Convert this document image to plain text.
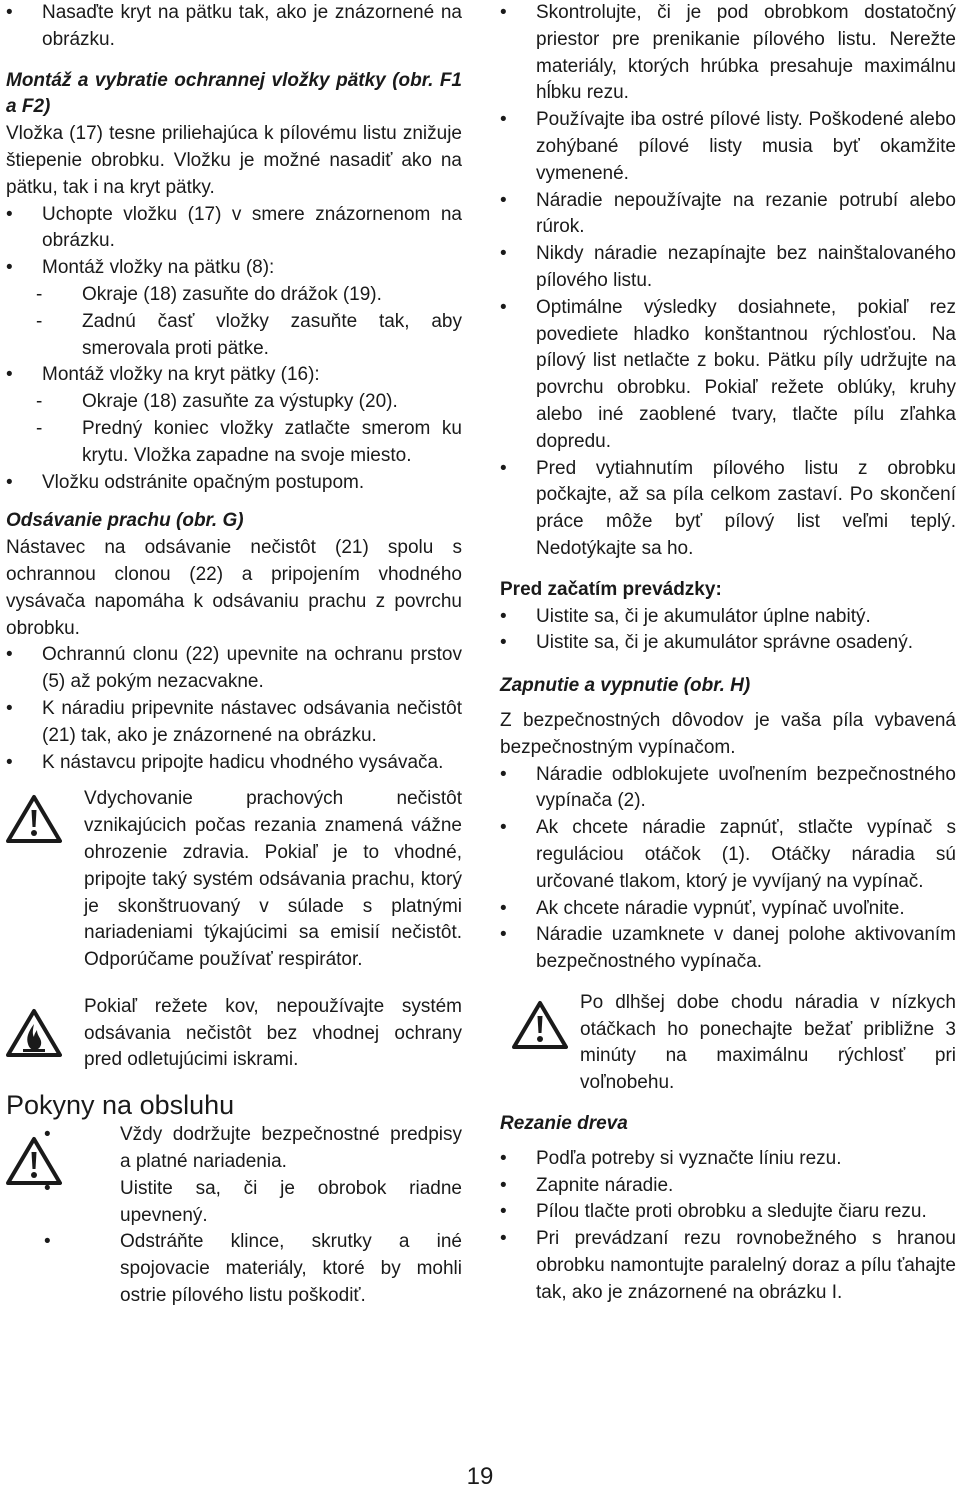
• Nasaďte kryt na pätku tak, ako je znázornené na obrázku.

Montáž a vybratie ochrannej vložky pätky (obr. F1 a F2)

Vložka (17) tesne priliehajúca k pílovému listu znižuje štiepenie obrobku. Vložku je možné nasadiť ako na pätku, tak i na kryt pätky.

• Uchopte vložku (17) v smere znázornenom na obrázku.
• Montáž vložky na pätku (8):
- Okraje (18) zasuňte do drážok (19).
- Zadnú časť vložky zasuňte tak, aby smerovala proti pätke.
• Montáž vložky na kryt pätky (16):
- Okraje (18) zasuňte za výstupky (20).
- Predný koniec vložky zatlačte smerom ku krytu. Vložka zapadne na svoje miesto.
• Vložku odstránite opačným postupom.

Odsávanie prachu (obr. G)

Nástavec na odsávanie nečistôt (21) spolu s ochrannou clonou (22) a pripojením vhodného vysávača napomáha k odsávaniu prachu z povrchu obrobku.

• Ochrannú clonu (22) upevnite na ochranu prstov (5) až pokým nezacvakne.
• K náradiu pripevnite nástavec odsávania nečistôt (21) tak, ako je znázornené na obrázku.
• K nástavcu pripojte hadicu vhodného vysávača.

Vdychovanie prachových nečistôt vznikajúcich počas rezania znamená vážne ohrozenie zdravia. Pokiaľ je to vhodné, pripojte taký systém odsávania prachu, ktorý je skonštruovaný v súlade s platnými nariadeniami týkajúcimi sa emisií nečistôt. Odporúčame používať respirátor.

Pokiaľ režete kov, nepoužívajte systém odsávania nečistôt bez vhodnej ochrany pred odletujúcimi iskrami.

Pokyny na obsluhu

• Vždy dodržujte bezpečnostné predpisy a platné nariadenia.
• Uistite sa, či je obrobok riadne upevnený.
• Odstráňte klince, skrutky a iné spojovacie materiály, ktoré by mohli ostrie pílového listu poškodiť.
• Skontrolujte, či je pod obrobkom dostatočný priestor pre prenikanie pílového listu. Nerežte materiály, ktorých hrúbka presahuje maximálnu hĺbku rezu.
• Používajte iba ostré pílové listy. Poškodené alebo zohýbané pílové listy musia byť okamžite vymenené.
• Náradie nepoužívajte na rezanie potrubí alebo rúrok.
• Nikdy náradie nezapínajte bez nainštalovaného pílového listu.
• Optimálne výsledky dosiahnete, pokiaľ rez povediete hladko konštantnou rýchlosťou. Na pílový list netlačte z boku. Pätku píly udržujte na povrchu obrobku. Pokiaľ režete oblúky, kruhy alebo iné zaoblené tvary, tlačte pílu zľahka dopredu.
• Pred vytiahnutím pílového listu z obrobku počkajte, až sa píla celkom zastaví. Po skončení práce môže byť pílový list veľmi teplý. Nedotýkajte sa ho.

Pred začatím prevádzky:

• Uistite sa, či je akumulátor úplne nabitý.
• Uistite sa, či je akumulátor správne osadený.

Zapnutie a vypnutie (obr. H)

Z bezpečnostných dôvodov je vaša píla vybavená bezpečnostným vypínačom.

• Náradie odblokujete uvoľnením bezpečnostného vypínača (2).
• Ak chcete náradie zapnúť, stlačte vypínač s reguláciou otáčok (1). Otáčky náradia sú určované tlakom, ktorý je vyvíjaný na vypínač.
• Ak chcete náradie vypnúť, vypínač uvoľnite.
• Náradie uzamknete v danej polohe aktivovaním bezpečnostného vypínača.

Po dlhšej dobe chodu náradia v nízkych otáčkach ho ponechajte bežať približne 3 minúty na maximálnu rýchlosť pri voľnobehu.

Rezanie dreva

• Podľa potreby si vyznačte líniu rezu.
• Zapnite náradie.
• Pílou tlačte proti obrobku a sledujte čiaru rezu.
• Pri prevádzaní rezu rovnobežného s hranou obrobku namontujte paralelný doraz a pílu ťahajte tak, ako je znázornené na obrázku I.
19
